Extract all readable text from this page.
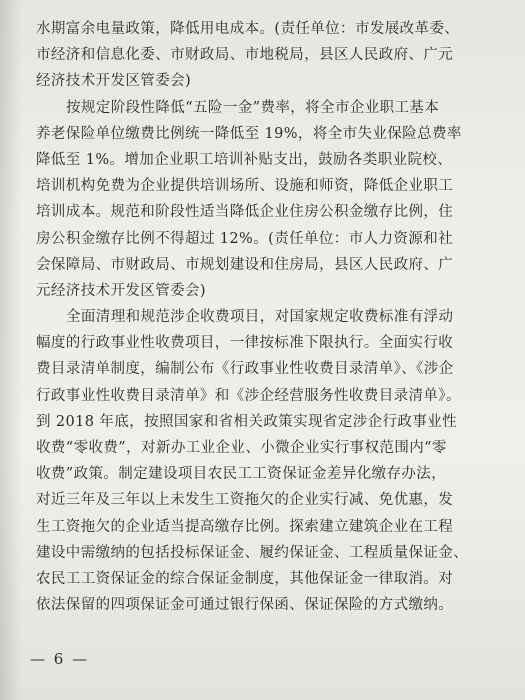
水期富余电量政策，降低用电成本。(责任单位：市发展改革委、
市经济和信息化委、市财政局、市地税局，县区人民政府、广元
经济技术开发区管委会)
按规定阶段性降低“五险一金”费率，将全市企业职工基本
养老保险单位缴费比例统一降低至 19%，将全市失业保险总费率
降低至 1%。增加企业职工培训补贴支出，鼓励各类职业院校、
培训机构免费为企业提供培训场所、设施和师资，降低企业职工
培训成本。规范和阶段性适当降低企业住房公积金缴存比例，住
房公积金缴存比例不得超过 12%。(责任单位：市人力资源和社
会保障局、市财政局、市规划建设和住房局，县区人民政府、广
元经济技术开发区管委会)
全面清理和规范涉企收费项目，对国家规定收费标准有浮动
幅度的行政事业性收费项目，一律按标准下限执行。全面实行收
费目录清单制度，编制公布《行政事业性收费目录清单》、《涉企
行政事业性收费目录清单》和《涉企经营服务性收费目录清单》。
到 2018 年底，按照国家和省相关政策实现省定涉企行政事业性
收费“零收费”，对新办工业企业、小微企业实行事权范围内“零
收费”政策。制定建设项目农民工工资保证金差异化缴存办法，
对近三年及三年以上未发生工资拖欠的企业实行减、免优惠，发
生工资拖欠的企业适当提高缴存比例。探索建立建筑企业在工程
建设中需缴纳的包括投标保证金、履约保证金、工程质量保证金、
农民工工资保证金的综合保证金制度，其他保证金一律取消。对
依法保留的四项保证金可通过银行保函、保证保险的方式缴纳。
— 6 —
